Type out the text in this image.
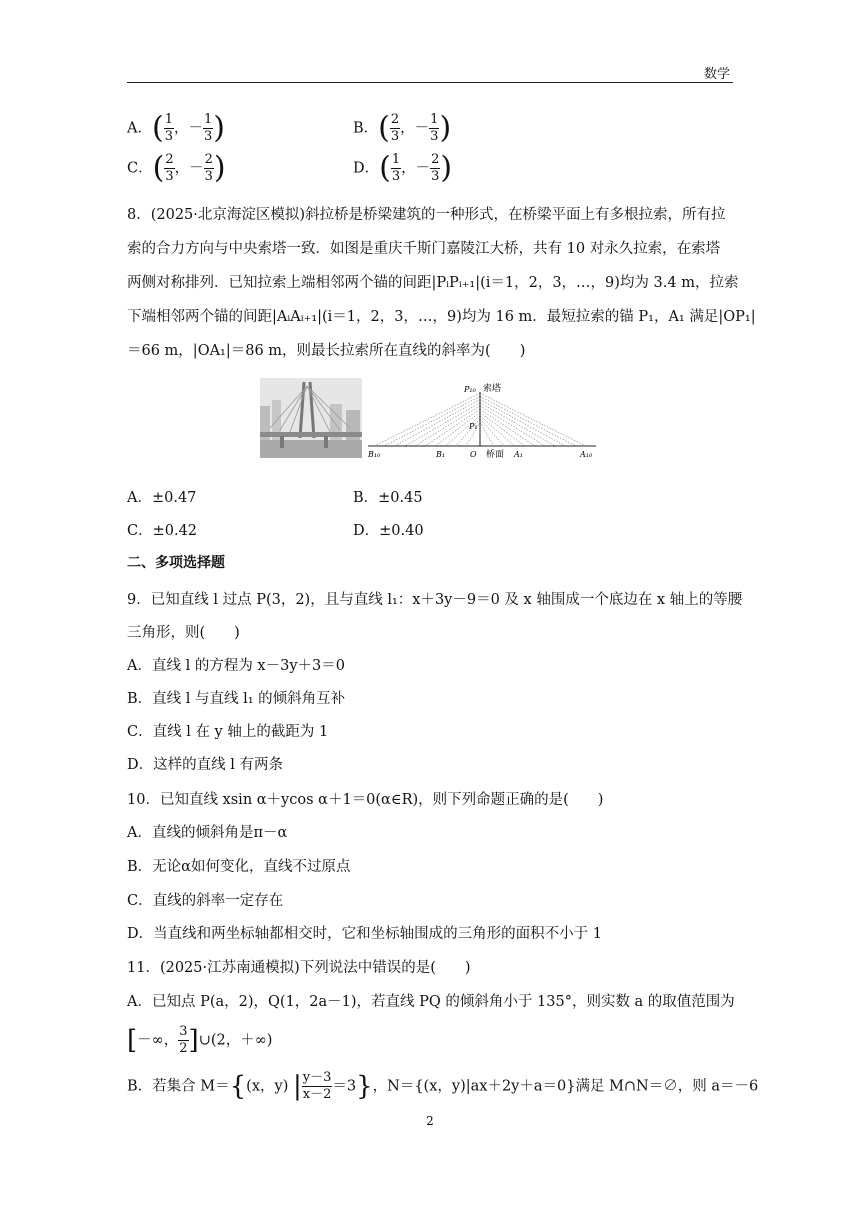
数学
A．( $\frac{1}{3}$ ，－ $\frac{1}{3}$ )	B．( $\frac{2}{3}$ ，－ $\frac{1}{3}$ )
C．( $\frac{2}{3}$ ，－ $\frac{2}{3}$ )	D．( $\frac{1}{3}$ ，－ $\frac{2}{3}$ )
8．(2025·北京海淀区模拟)斜拉桥是桥梁建筑的一种形式，在桥梁平面上有多根拉索，所有拉
索的合力方向与中央索塔一致．如图是重庆千斯门嘉陵江大桥，共有 10 对永久拉索，在索塔
两侧对称排列．已知拉索上端相邻两个锚的间距|PᵢPᵢ₊₁|(i＝1，2，3，…，9)均为 3.4 m，拉索
下端相邻两个锚的间距|AᵢAᵢ₊₁|(i＝1，2，3，…，9)均为 16 m．最短拉索的锚 P₁，A₁ 满足|OP₁|
＝66 m，|OA₁|＝86 m，则最长拉索所在直线的斜率为(　　)
P₁₀ 索塔
P₁
B₁₀	B₁	O 桥面 A₁	A₁₀
A．±0.47	B．±0.45
C．±0.42	D．±0.40
二、多项选择题
9．已知直线 l 过点 P(3，2)，且与直线 l₁：x＋3y－9＝0 及 x 轴围成一个底边在 x 轴上的等腰
三角形，则(　　)
A．直线 l 的方程为 x－3y＋3＝0
B．直线 l 与直线 l₁ 的倾斜角互补
C．直线 l 在 y 轴上的截距为 1
D．这样的直线 l 有两条
10．已知直线 xsin α＋ycos α＋1＝0(α∈R)，则下列命题正确的是(　　)
A．直线的倾斜角是π－α
B．无论α如何变化，直线不过原点
C．直线的斜率一定存在
D．当直线和两坐标轴都相交时，它和坐标轴围成的三角形的面积不小于 1
11．(2025·江苏南通模拟)下列说法中错误的是(　　)
A．已知点 P(a，2)，Q(1，2a－1)，若直线 PQ 的倾斜角小于 135°，则实数 a 的取值范围为
[－∞， $\frac{3}{2}$ ]∪(2，＋∞)
B．若集合 M＝{(x，y) | $\frac{y-3}{x-2} =3$}，N＝{(x，y)|ax＋2y＋a＝0}满足 M∩N＝∅，则 a＝－6
2
